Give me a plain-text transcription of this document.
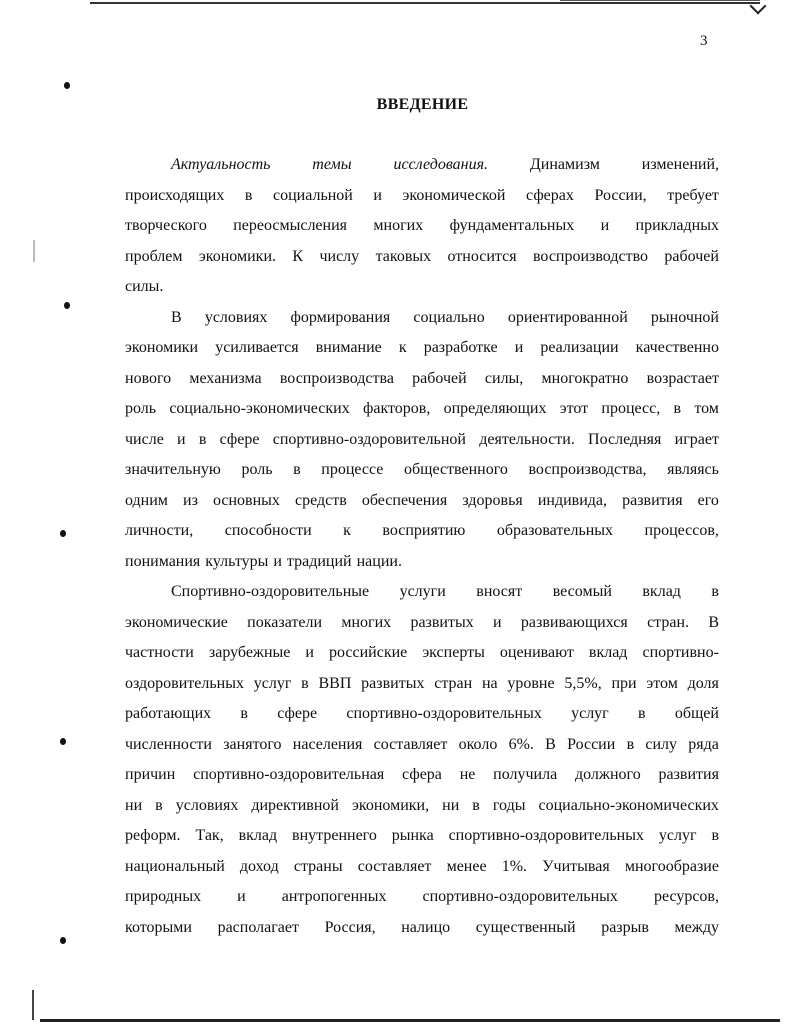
3
ВВЕДЕНИЕ
Актуальность	темы	исследования.	Динамизм	изменений,
происходящих в социальной и экономической сферах России, требует
творческого переосмысления многих фундаментальных и прикладных
проблем экономики. К числу таковых относится воспроизводство рабочей
силы.
В условиях формирования социально ориентированной рыночной
экономики усиливается внимание к разработке и реализации качественно
нового механизма воспроизводства рабочей силы, многократно возрастает
роль социально-экономических факторов, определяющих этот процесс, в том
числе и в сфере спортивно-оздоровительной деятельности. Последняя играет
значительную роль в процессе общественного воспроизводства, являясь
одним из основных средств обеспечения здоровья индивида, развития его
личности, способности к восприятию образовательных процессов,
понимания культуры и традиций нации.
Спортивно-оздоровительные услуги вносят весомый вклад в
экономические показатели многих развитых и развивающихся стран. В
частности зарубежные и российские эксперты оценивают вклад спортивно-
оздоровительных услуг в ВВП развитых стран на уровне 5,5%, при этом доля
работающих в сфере спортивно-оздоровительных услуг в общей
численности занятого населения составляет около 6%. В России в силу ряда
причин спортивно-оздоровительная сфера не получила должного развития
ни в условиях директивной экономики, ни в годы социально-экономических
реформ. Так, вклад внутреннего рынка спортивно-оздоровительных услуг в
национальный доход страны составляет менее 1%. Учитывая многообразие
природных и антропогенных спортивно-оздоровительных ресурсов,
которыми располагает Россия, налицо существенный разрыв между
